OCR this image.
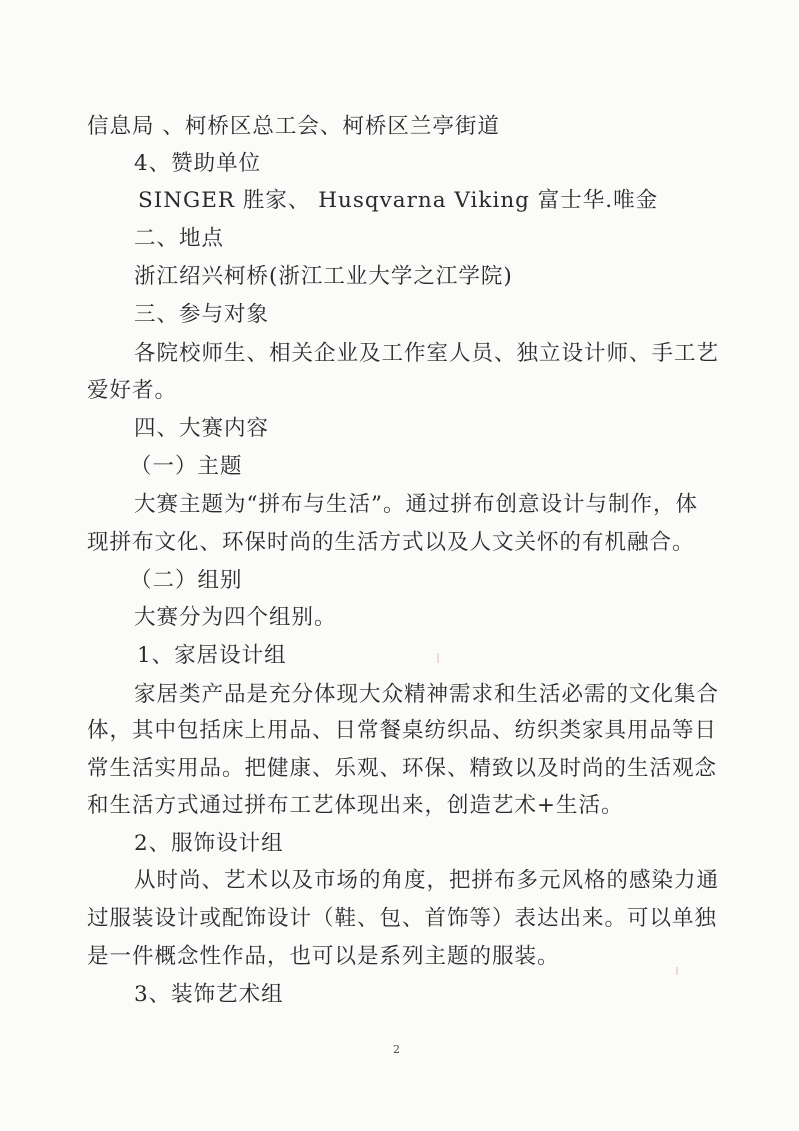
信息局 、柯桥区总工会、柯桥区兰亭街道
4、赞助单位
SINGER 胜家、 Husqvarna Viking 富士华.唯金
二、地点
浙江绍兴柯桥(浙江工业大学之江学院)
三、参与对象
各院校师生、相关企业及工作室人员、独立设计师、手工艺
爱好者。
四、大赛内容
（一）主题
大赛主题为“拼布与生活”。通过拼布创意设计与制作，体
现拼布文化、环保时尚的生活方式以及人文关怀的有机融合。
（二）组别
大赛分为四个组别。
1、家居设计组
家居类产品是充分体现大众精神需求和生活必需的文化集合
体，其中包括床上用品、日常餐桌纺织品、纺织类家具用品等日
常生活实用品。把健康、乐观、环保、精致以及时尚的生活观念
和生活方式通过拼布工艺体现出来，创造艺术+生活。
2、服饰设计组
从时尚、艺术以及市场的角度，把拼布多元风格的感染力通
过服装设计或配饰设计（鞋、包、首饰等）表达出来。可以单独
是一件概念性作品，也可以是系列主题的服装。
3、装饰艺术组
2
